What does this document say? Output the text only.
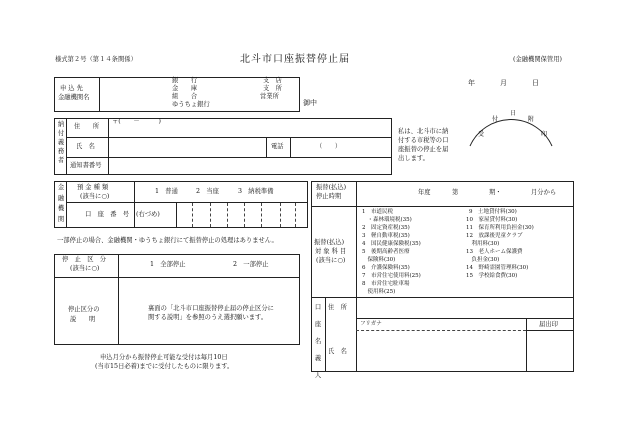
様式第２号（第１４条関係）	北斗市口座振替停止届	(金融機関保管用)
年	月	日
受
付
日
附
印
申 込 先
金融機関名
銀　　行
金　　庫
組　　合
ゆうちょ銀行
支　店
支　所
営業所
御中
納付義務者
住　　所
〒(　　－　　　)
氏　名	電話	（　　）
通知書番号
私は、北斗市に納付する市税等の口座振替の停止を届出します。
金融機関
預 金 種 類
(該当に○)
1　普通	2　当座	3　納税準備
口　座　番　号 (右づめ)
一部停止の場合、金融機関・ゆうちょ銀行にて振替停止の処理はありません。
停　止　区　分
(該当に○)
1　全部停止	2　一部停止
停止区分の
説　　明
裏面の「北斗市口座振替停止届の停止区分に関する説明」を参照のうえ選択願います。
申込月分から振替停止可能な受付は毎月10日
(当市15日必着)までに受付したものに限ります。
振替(払込)
停止時期
年度	第	期・	月分から
振替(払込)
対 象 科 目
(該当に○)
1　市道民税
　・森林環境税(35)
2　固定資産税(35)
3　軽自動車税(35)
4　国民健康保険税(35)
5　後期高齢者医療
　保険料(30)
6　介護保険料(35)
7　市営住宅使用料(25)
8　市営住宅駐車場
　使用料(25)
9　土地貸付料(30)
10　家屋貸付料(30)
11　保育所利用負担金(30)
12　放課後児童クラブ
　利用料(30)
13　老人ホーム保護費
　負担金(30)
14　野崎霊園管理料(30)
15　学校給食費(30)
口座名義人
住　所
フリガナ	届出印
氏　名
